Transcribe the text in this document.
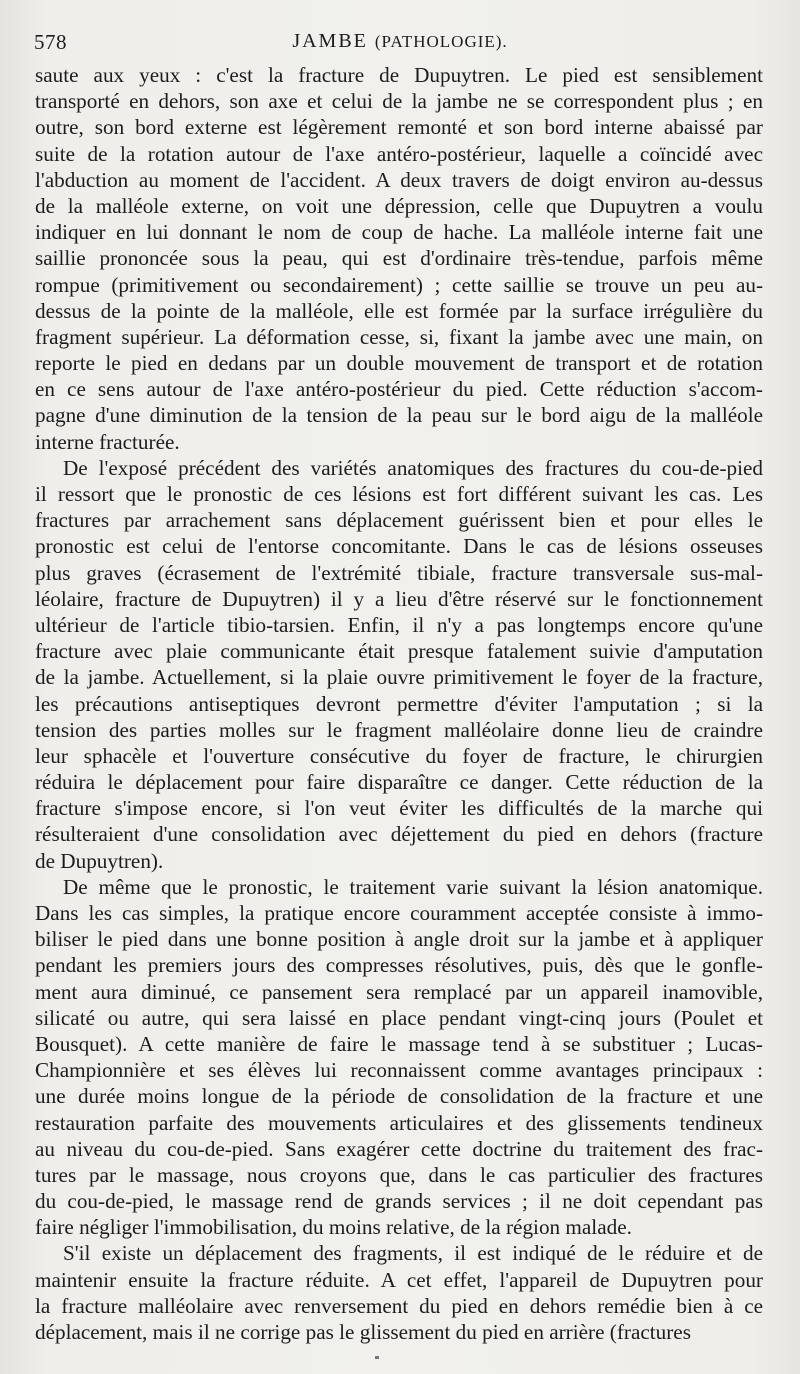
578	JAMBE (PATHOLOGIE).
saute aux yeux : c'est la fracture de Dupuytren. Le pied est sensiblement
transporté en dehors, son axe et celui de la jambe ne se correspondent plus ; en
outre, son bord externe est légèrement remonté et son bord interne abaissé par
suite de la rotation autour de l'axe antéro-postérieur, laquelle a coïncidé avec
l'abduction au moment de l'accident. A deux travers de doigt environ au-dessus
de la malléole externe, on voit une dépression, celle que Dupuytren a voulu
indiquer en lui donnant le nom de coup de hache. La malléole interne fait une
saillie prononcée sous la peau, qui est d'ordinaire très-tendue, parfois même
rompue (primitivement ou secondairement) ; cette saillie se trouve un peu au-
dessus de la pointe de la malléole, elle est formée par la surface irrégulière du
fragment supérieur. La déformation cesse, si, fixant la jambe avec une main, on
reporte le pied en dedans par un double mouvement de transport et de rotation
en ce sens autour de l'axe antéro-postérieur du pied. Cette réduction s'accom-
pagne d'une diminution de la tension de la peau sur le bord aigu de la malléole
interne fracturée.
De l'exposé précédent des variétés anatomiques des fractures du cou-de-pied
il ressort que le pronostic de ces lésions est fort différent suivant les cas. Les
fractures par arrachement sans déplacement guérissent bien et pour elles le
pronostic est celui de l'entorse concomitante. Dans le cas de lésions osseuses
plus graves (écrasement de l'extrémité tibiale, fracture transversale sus-mal-
léolaire, fracture de Dupuytren) il y a lieu d'être réservé sur le fonctionnement
ultérieur de l'article tibio-tarsien. Enfin, il n'y a pas longtemps encore qu'une
fracture avec plaie communicante était presque fatalement suivie d'amputation
de la jambe. Actuellement, si la plaie ouvre primitivement le foyer de la fracture,
les précautions antiseptiques devront permettre d'éviter l'amputation ; si la
tension des parties molles sur le fragment malléolaire donne lieu de craindre
leur sphacèle et l'ouverture consécutive du foyer de fracture, le chirurgien
réduira le déplacement pour faire disparaître ce danger. Cette réduction de la
fracture s'impose encore, si l'on veut éviter les difficultés de la marche qui
résulteraient d'une consolidation avec déjettement du pied en dehors (fracture
de Dupuytren).
De même que le pronostic, le traitement varie suivant la lésion anatomique.
Dans les cas simples, la pratique encore couramment acceptée consiste à immo-
biliser le pied dans une bonne position à angle droit sur la jambe et à appliquer
pendant les premiers jours des compresses résolutives, puis, dès que le gonfle-
ment aura diminué, ce pansement sera remplacé par un appareil inamovible,
silicaté ou autre, qui sera laissé en place pendant vingt-cinq jours (Poulet et
Bousquet). A cette manière de faire le massage tend à se substituer ; Lucas-
Championnière et ses élèves lui reconnaissent comme avantages principaux :
une durée moins longue de la période de consolidation de la fracture et une
restauration parfaite des mouvements articulaires et des glissements tendineux
au niveau du cou-de-pied. Sans exagérer cette doctrine du traitement des frac-
tures par le massage, nous croyons que, dans le cas particulier des fractures
du cou-de-pied, le massage rend de grands services ; il ne doit cependant pas
faire négliger l'immobilisation, du moins relative, de la région malade.
S'il existe un déplacement des fragments, il est indiqué de le réduire et de
maintenir ensuite la fracture réduite. A cet effet, l'appareil de Dupuytren pour
la fracture malléolaire avec renversement du pied en dehors remédie bien à ce
déplacement, mais il ne corrige pas le glissement du pied en arrière (fractures
